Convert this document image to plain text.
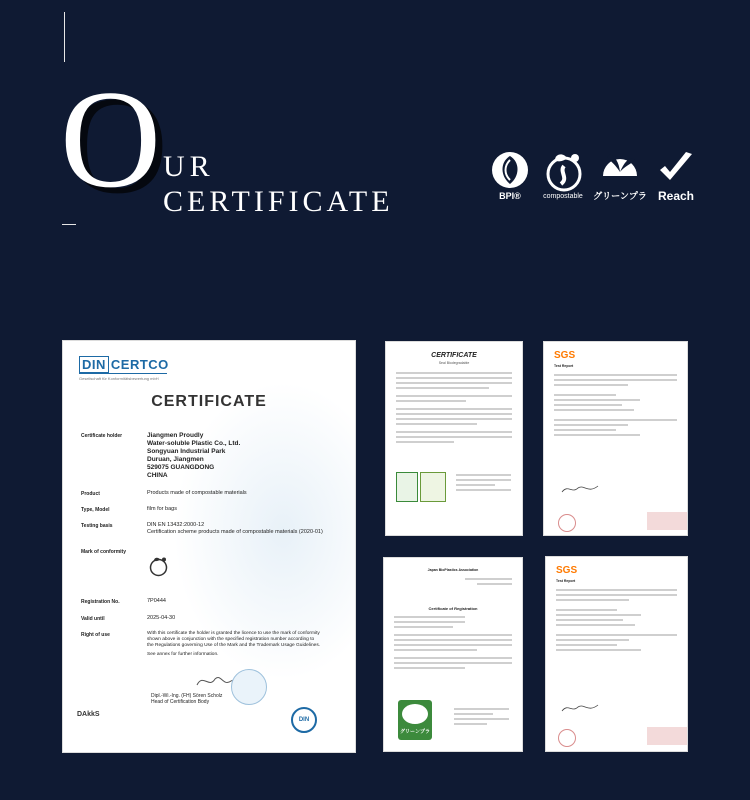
O UR
CERTIFICATE	BPI®	compostable グリーンプラ Reach
DIN CERTCO
Gesellschaft für Konformitätsbewertung mbH
CERTIFICATE
Certificate holder	Jiangmen Proudly
Water-soluble Plastic Co., Ltd.
Songyuan Industrial Park
Duruan, Jiangmen
529075 GUANGDONG
CHINA
Product	Products made of compostable materials
Type, Model	film for bags
Testing basis	DIN EN 13432:2000-12
Certification scheme products made of compostable materials (2020-01)
Mark of conformity
Registration No.	7P0444
Valid until	2025-04-30
Right of use	With this certificate the holder is granted the licence to use the mark of conformity
shown above in conjunction with the specified registration number according to
the Regulations governing Use of the Mark and the Trademark Usage Guidelines.
See annex for further information.
Dipl.-Wi.-Ing. (FH) Sören Scholz
Head of Certification Body
DAkkS
DIN
CERTIFICATE
Seal Biodegradable
SGS
Test Report
Japan BioPlastics Association
Certificate of Registration
グリーンプラ
SGS
Test Report
